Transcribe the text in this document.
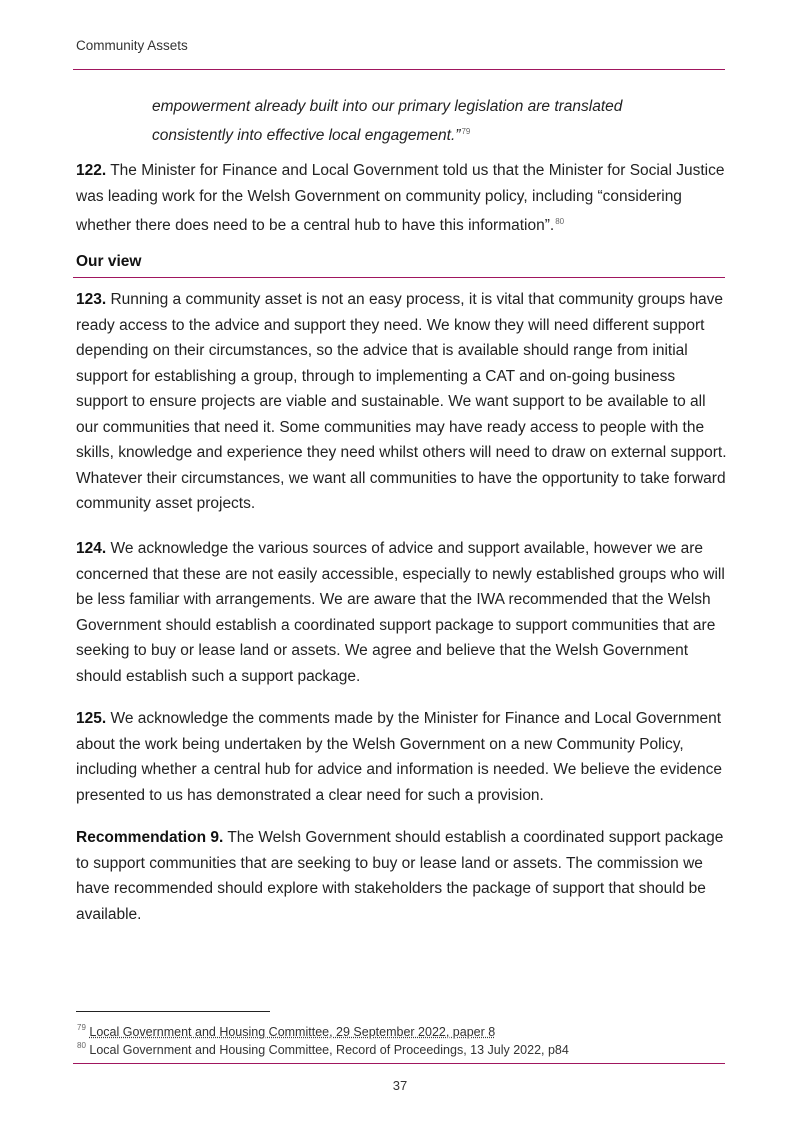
Community Assets
empowerment already built into our primary legislation are translated
consistently into effective local engagement.”$^{79}$
122. The Minister for Finance and Local Government told us that the Minister for Social Justice was leading work for the Welsh Government on community policy, including “considering whether there does need to be a central hub to have this information”.$^{80}$
Our view
123. Running a community asset is not an easy process, it is vital that community groups have ready access to the advice and support they need. We know they will need different support depending on their circumstances, so the advice that is available should range from initial support for establishing a group, through to implementing a CAT and on-going business support to ensure projects are viable and sustainable. We want support to be available to all our communities that need it. Some communities may have ready access to people with the skills, knowledge and experience they need whilst others will need to draw on external support. Whatever their circumstances, we want all communities to have the opportunity to take forward community asset projects.
124. We acknowledge the various sources of advice and support available, however we are concerned that these are not easily accessible, especially to newly established groups who will be less familiar with arrangements. We are aware that the IWA recommended that the Welsh Government should establish a coordinated support package to support communities that are seeking to buy or lease land or assets. We agree and believe that the Welsh Government should establish such a support package.
125. We acknowledge the comments made by the Minister for Finance and Local Government about the work being undertaken by the Welsh Government on a new Community Policy, including whether a central hub for advice and information is needed. We believe the evidence presented to us has demonstrated a clear need for such a provision.
Recommendation 9. The Welsh Government should establish a coordinated support package to support communities that are seeking to buy or lease land or assets. The commission we have recommended should explore with stakeholders the package of support that should be available.
$^{79}$ Local Government and Housing Committee, 29 September 2022, paper 8
$^{80}$ Local Government and Housing Committee, Record of Proceedings, 13 July 2022, p84
37
